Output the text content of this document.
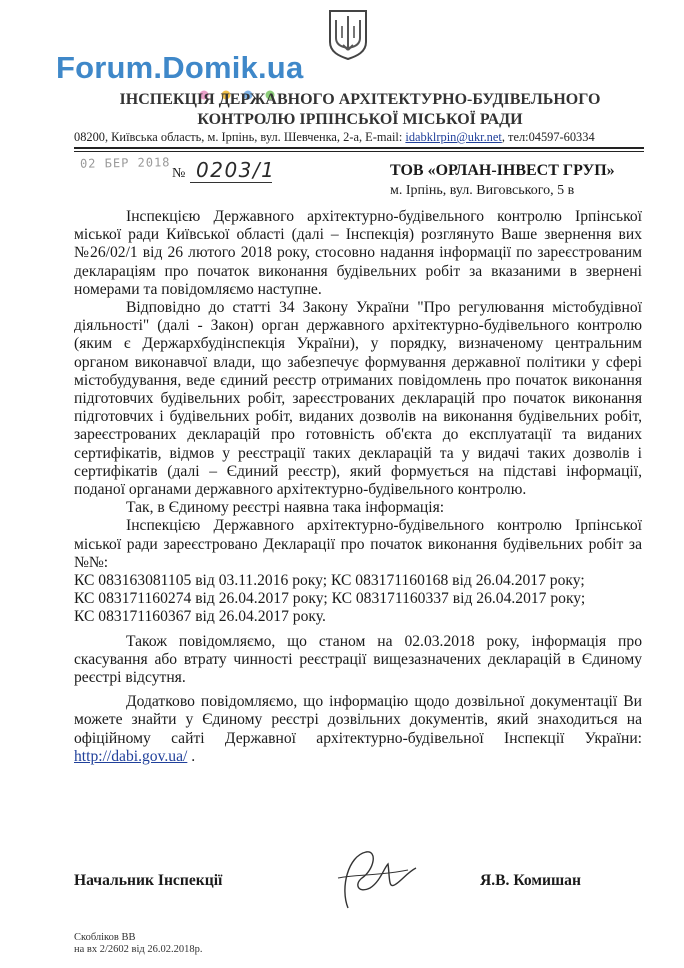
Forum.Domik.ua
ІНСПЕКЦІЯ ДЕРЖАВНОГО АРХІТЕКТУРНО-БУДІВЕЛЬНОГО
КОНТРОЛЮ ІРПІНСЬКОЇ МІСЬКОЇ РАДИ
08200, Київська область, м. Ірпінь, вул. Шевченка, 2-а, E-mail: idabklrpin@ukr.net, тел:04597-60334
02 БЕР 2018
№ 0203/1	ТОВ «ОРЛАН-ІНВЕСТ ГРУП»
м. Ірпінь, вул. Виговського, 5 в

Інспекцією Державного архітектурно-будівельного контролю Ірпінської міської ради Київської області (далі – Інспекція) розглянуто Ваше звернення вих №26/02/1 від 26 лютого 2018 року, стосовно надання інформації по зареєстрованим деклараціям про початок виконання будівельних робіт за вказаними в звернені номерами та повідомляємо наступне.

Відповідно до статті 34 Закону України "Про регулювання містобудівної діяльності" (далі - Закон) орган державного архітектурно-будівельного контролю (яким є Держархбудінспекція України), у порядку, визначеному центральним органом виконавчої влади, що забезпечує формування державної політики у сфері містобудування, веде єдиний реєстр отриманих повідомлень про початок виконання підготовчих будівельних робіт, зареєстрованих декларацій про початок виконання підготовчих і будівельних робіт, виданих дозволів на виконання будівельних робіт, зареєстрованих декларацій про готовність об'єкта до експлуатації та виданих сертифікатів, відмов у реєстрації таких декларацій та у видачі таких дозволів і сертифікатів (далі – Єдиний реєстр), який формується на підставі інформації, поданої органами державного архітектурно-будівельного контролю.

Так, в Єдиному реєстрі наявна така інформація:

Інспекцією Державного архітектурно-будівельного контролю Ірпінської міської ради зареєстровано Декларації про початок виконання будівельних робіт за №№:

КС 083163081105 від 03.11.2016 року; КС 083171160168 від 26.04.2017 року;

КС 083171160274 від 26.04.2017 року; КС 083171160337 від 26.04.2017 року;

КС 083171160367 від 26.04.2017 року.

Також повідомляємо, що станом на 02.03.2018 року, інформація про скасування або втрату чинності реєстрації вищезазначених декларацій в Єдиному реєстрі відсутня.

Додатково повідомляємо, що інформацію щодо дозвільної документації Ви можете знайти у Єдиному реєстрі дозвільних документів, який знаходиться на офіційному сайті Державної архітектурно-будівельної Інспекції України: http://dabi.gov.ua/ .

Начальник Інспекції	Я.В. Комишан
Скобліков ВВ
на вх 2/2602 від 26.02.2018р.
